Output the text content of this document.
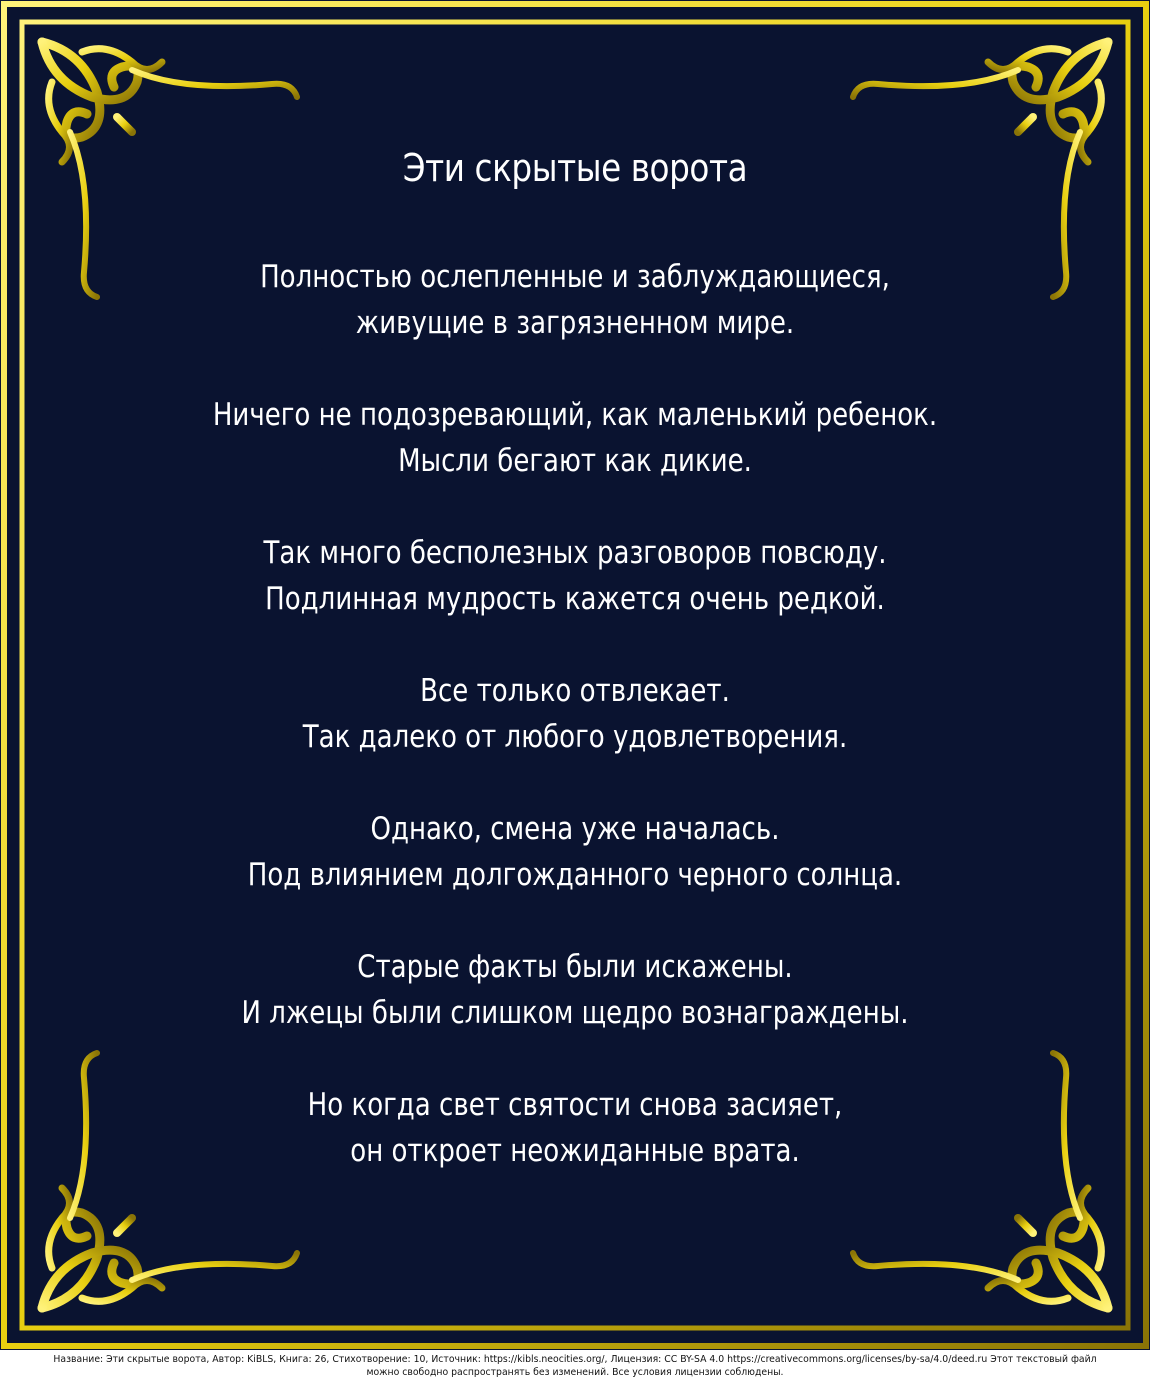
Эти скрытые ворота
Полностью ослепленные и заблуждающиеся,
живущие в загрязненном мире.
Ничего не подозревающий, как маленький ребенок.
Мысли бегают как дикие.
Так много бесполезных разговоров повсюду.
Подлинная мудрость кажется очень редкой.
Все только отвлекает.
Так далеко от любого удовлетворения.
Однако, смена уже началась.
Под влиянием долгожданного черного солнца.
Старые факты были искажены.
И лжецы были слишком щедро вознаграждены.
Но когда свет святости снова засияет,
он откроет неожиданные врата.
Название: Эти скрытые ворота, Автор: KiBLS, Книга: 26, Стихотворение: 10, Источник: https://kibls.neocities.org/, Лицензия: CC BY-SA 4.0 https://creativecommons.org/licenses/by-sa/4.0/deed.ru Этот текстовый файл
можно свободно распространять без изменений. Все условия лицензии соблюдены.
